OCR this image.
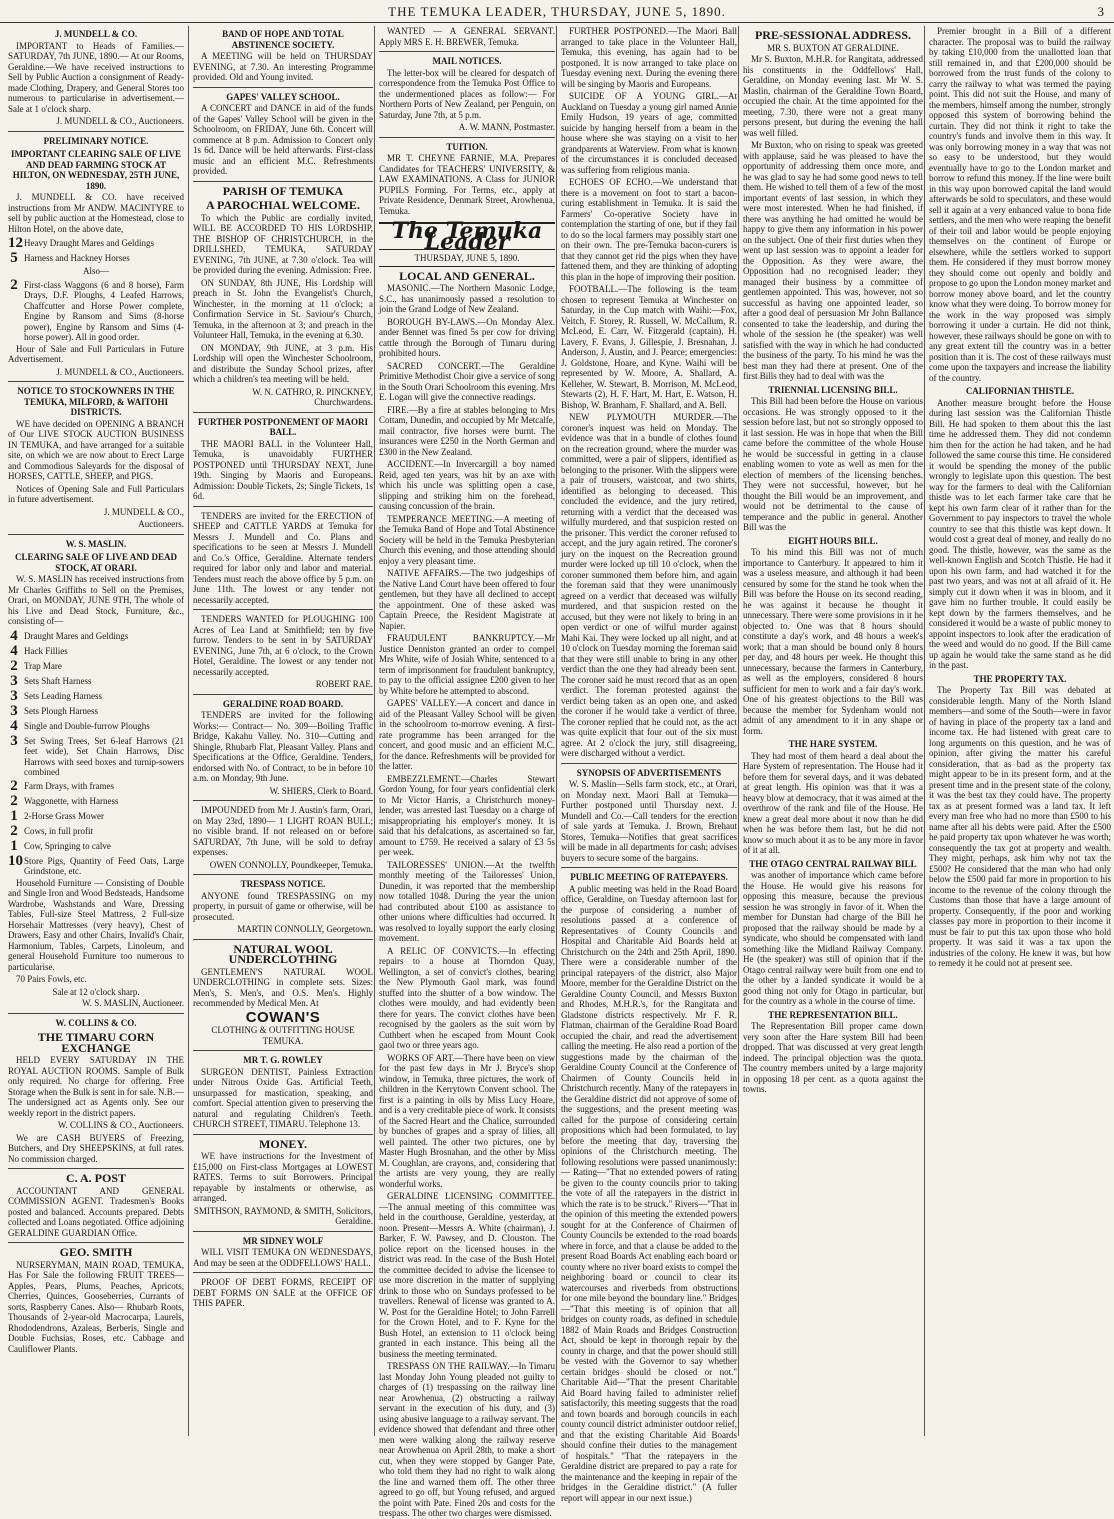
THE TEMUKA LEADER, THURSDAY, JUNE 5, 1890.	3
J. MUNDELL & CO.

IMPORTANT to Heads of Families.— SATURDAY, 7th JUNE, 1890.— At our Rooms, Geraldine.—We have received instructions to Sell by Public Auction a consignment of Ready-made Clothing, Drapery, and General Stores too numerous to particularise in advertisement.—Sale at 1 o'clock sharp.

J. MUNDELL & CO., Auctioneers.
PRELIMINARY NOTICE.
IMPORTANT CLEARING SALE OF LIVE AND DEAD FARMING STOCK AT HILTON, ON WEDNESDAY, 25TH JUNE, 1890.

J. MUNDELL & CO. have received instructions from Mr ANDW. MACINTYRE to sell by public auction at the Homestead, close to Hilton Hotel, on the above date,

12 Heavy Draught Mares and Geldings
5 Harness and Hackney Horses
Also—
2 First-class Waggons (6 and 8 horse), Farm Drays, D.F. Ploughs, 4 Leafed Harrows, Chaffcutter and Horse Power complete, Engine by Ransom and Sims (8-horse power), Engine by Ransom and Sims (4-horse power). All in good order.

Hour of Sale and Full Particulars in Future Advertisement.

J. MUNDELL & CO., Auctioneers.
NOTICE TO STOCKOWNERS IN THE TEMUKA, MILFORD, & WAITOHI DISTRICTS.

WE have decided on OPENING A BRANCH of Our LIVE STOCK AUCTION BUSINESS IN TEMUKA, and have arranged for a suitable site, on which we are now about to Erect Large and Commodious Saleyards for the disposal of HORSES, CATTLE, SHEEP, and PIGS.

Notices of Opening Sale and Full Particulars in future advertisement.

J. MUNDELL & CO.,
Auctioneers.
W. S. MASLIN.
CLEARING SALE OF LIVE AND DEAD STOCK, AT ORARI.

W. S. MASLIN has received instructions from Mr Charles Griffiths to Sell on the Premises, Orari, on MONDAY, JUNE 9TH, The whole of his Live and Dead Stock, Furniture, &c., consisting of—

4 Draught Mares and Geldings
4 Hack Fillies
2 Trap Mare
3 Sets Shaft Harness
3 Sets Leading Harness
3 Sets Plough Harness
4 Single and Double-furrow Ploughs
3 Set Swing Trees, Set 6-leaf Harrows (21 feet wide), Set Chain Harrows, Disc Harrows with seed boxes and turnip-sowers combined
2 Farm Drays, with frames
2 Waggonette, with Harness
1 2-Horse Grass Mower
2 Cows, in full profit
1 Cow, Springing to calve
10 Store Pigs, Quantity of Feed Oats, Large Grindstone, etc.

Household Furniture — Consisting of Double and Single Iron and Wood Bedsteads, Handsome Wardrobe, Washstands and Ware, Dressing Tables, Full-size Steel Mattress, 2 Full-size Horsehair Mattresses (very heavy), Chest of Drawers, Easy and other Chairs, Invalid's Chair, Harmonium, Tables, Carpets, Linoleum, and general Household Furniture too numerous to particularise.

70 Pairs Fowls, etc.

Sale at 12 o'clock sharp.
W. S. MASLIN, Auctioneer.
W. COLLINS & CO.
THE TIMARU CORN EXCHANGE

HELD EVERY SATURDAY IN THE ROYAL AUCTION ROOMS. Sample of Bulk only required. No charge for offering. Free Storage when the Bulk is sent in for sale. N.B.—The undersigned act as Agents only. See our weekly report in the district papers.

W. COLLINS & CO., Auctioneers.

We are CASH BUYERS of Freezing, Butchers, and Dry SHEEPSKINS, at full rates. No commission charged.

C. A. POST

ACCOUNTANT AND GENERAL COMMISSION AGENT. Tradesmen's Books posted and balanced. Accounts prepared. Debts collected and Loans negotiated. Office adjoining GERALDINE GUARDIAN Office.

GEO. SMITH

NURSERYMAN, MAIN ROAD, TEMUKA, Has For Sale the following FRUIT TREES— Apples, Pears, Plums, Peaches, Apricots, Cherries, Quinces, Gooseberries, Currants of sorts, Raspberry Canes. Also— Rhubarb Roots, Thousands of 2-year-old Macrocarpa, Laurels, Rhododendrons, Azaleas, Berberis, Single and Double Fuchsias, Roses, etc. Cabbage and Cauliflower Plants.

BAND OF HOPE AND TOTAL ABSTINENCE SOCIETY.

A MEETING will be held on THURSDAY EVENING, at 7.30. An interesting Programme provided. Old and Young invited.

GAPES' VALLEY SCHOOL.

A CONCERT and DANCE in aid of the funds of the Gapes' Valley School will be given in the Schoolroom, on FRIDAY, June 6th. Concert will commence at 8 p.m. Admission to Concert only 1s 6d. Dance will be held afterwards. First-class music and an efficient M.C. Refreshments provided.

PARISH OF TEMUKA
A PAROCHIAL WELCOME.

To which the Public are cordially invited, WILL BE ACCORDED TO HIS LORDSHIP, THE BISHOP OF CHRISTCHURCH, in the DRILLSHED, TEMUKA, SATURDAY EVENING, 7th JUNE, at 7.30 o'clock. Tea will be provided during the evening. Admission: Free.

ON SUNDAY, 8th JUNE, His Lordship will preach in St. John the Evangelist's Church, Winchester, in the morning at 11 o'clock; a Confirmation Service in St. Saviour's Church, Temuka, in the afternoon at 3; and preach in the Volunteer Hall, Temuka, in the evening at 6.30.

ON MONDAY, 9th JUNE, at 3 p.m. His Lordship will open the Winchester Schoolroom, and distribute the Sunday School prizes, after which a children's tea meeting will be held.

W. N. CATHRO, R. PINCKNEY, Churchwardens.
FURTHER POSTPONEMENT OF MAORI BALL.

THE MAORI BALL in the Volunteer Hall, Temuka, is unavoidably FURTHER POSTPONED until THURSDAY NEXT, June 19th. Singing by Maoris and Europeans. Admission: Double Tickets, 2s; Single Tickets, 1s 6d.

TENDERS are invited for the ERECTION of SHEEP and CATTLE YARDS at Temuka for Messrs J. Mundell and Co. Plans and specifications to be seen at Messrs J. Mundell and Co.'s Office, Geraldine. Alternate tenders required for labor only and labor and material. Tenders must reach the above office by 5 p.m. on June 11th. The lowest or any tender not necessarily accepted.

TENDERS WANTED for PLOUGHING 100 Acres of Lea Land at Smithfield; ten by five furrow. Tenders to be sent in by SATURDAY EVENING, June 7th, at 6 o'clock, to the Crown Hotel, Geraldine. The lowest or any tender not necessarily accepted.

ROBERT RAE.
GERALDINE ROAD BOARD.

TENDERS are invited for the following Works:— Contract— No. 309—Boiling Traffic Bridge, Kakahu Valley. No. 310—Cutting and Shingle, Rhubarb Flat, Pleasant Valley. Plans and Specifications at the Office, Geraldine. Tenders, endorsed with No. of Contract, to be in before 10 a.m. on Monday, 9th June.

W. SHIERS, Clerk to Board.

IMPOUNDED from Mr J. Austin's farm, Orari, on May 23rd, 1890— 1 LIGHT ROAN BULL; no visible brand. If not released on or before SATURDAY, 7th June, will be sold to defray expenses.

OWEN CONNOLLY, Poundkeeper, Temuka.
TRESPASS NOTICE.

ANYONE found TRESPASSING on my property, in pursuit of game or otherwise, will be prosecuted.

MARTIN CONNOLLY, Georgetown.
NATURAL WOOL UNDERCLOTHING

GENTLEMEN'S NATURAL WOOL UNDERCLOTHING in complete sets. Sizes: Men's, S. Men's, and O.S. Men's. Highly recommended by Medical Men. At

COWAN'S
CLOTHING & OUTFITTING HOUSE TEMUKA.
MR T. G. ROWLEY

SURGEON DENTIST, Painless Extraction under Nitrous Oxide Gas. Artificial Teeth, unsurpassed for mastication, speaking, and comfort. Special attention given to preserving the natural and regulating Children's Teeth. CHURCH STREET, TIMARU. Telephone 13.

MONEY.

WE have instructions for the Investment of £15,000 on First-class Mortgages at LOWEST RATES. Terms to suit Borrowers. Principal repayable by instalments or otherwise, as arranged.

SMITHSON, RAYMOND, & SMITH, Solicitors, Geraldine.
MR SIDNEY WOLF

WILL VISIT TEMUKA ON WEDNESDAYS, And may be seen at the ODDFELLOWS' HALL.

PROOF OF DEBT FORMS, RECEIPT OF DEBT FORMS ON SALE at the OFFICE OF THIS PAPER.

WANTED — A GENERAL SERVANT. Apply MRS E. H. BREWER, Temuka.

MAIL NOTICES.

The letter-box will be cleared for despatch of correspondence from the Temuka Post Office to the undermentioned places as follow:— For Northern Ports of New Zealand, per Penguin, on Saturday, June 7th, at 5 p.m.

A. W. MANN, Postmaster.
TUITION.

MR T. CHEYNE FARNIE, M.A. Prepares Candidates for TEACHERS' UNIVERSITY, & LAW EXAMINATIONS. A Class for JUNIOR PUPILS Forming. For Terms, etc., apply at Private Residence, Denmark Street, Arowhenua, Temuka.

The Temuka Leader
THURSDAY, JUNE 5, 1890.
LOCAL AND GENERAL.

MASONIC.—The Northern Masonic Lodge, S.C., has unanimously passed a resolution to join the Grand Lodge of New Zealand.

BOROUGH BY-LAWS.—On Monday Alex. ander Bennet was fined 5s per cow for driving cattle through the Borough of Timaru during prohibited hours.

SACRED CONCERT.—The Geraldine Primitive Methodist Choir give a service of song in the South Orari Schoolroom this evening. Mrs E. Logan will give the connective readings.

FIRE.—By a fire at stables belonging to Mrs Cottam, Dunedin, and occupied by Mr Metcalfe, mail contractor, five horses were burnt. The insurances were £250 in the North German and £300 in the New Zealand.

ACCIDENT.—In Invercargill a boy named Reid, aged ten years, was hit by an axe with which his uncle was splitting open a case, slipping and striking him on the forehead, causing concussion of the brain.

TEMPERANCE MEETING.—A meeting of the Temuka Band of Hope and Total Abstinence Society will be held in the Temuka Presbyterian Church this evening, and those attending should enjoy a very pleasant time.

NATIVE AFFAIRS.—The two judgeships of the Native Land Court have been offered to four gentlemen, but they have all declined to accept the appointment. One of these asked was Captain Preece, the Resident Magistrate at Napier.

FRAUDULENT BANKRUPTCY.—Mr Justice Denniston granted an order to compel Mrs White, wife of Josiah White, sentenced to a term of imprisonment for fraudulent bankruptcy, to pay to the official assignee £200 given to her by White before he attempted to abscond.

GAPES' VALLEY.—A concert and dance in aid of the Pleasant Valley School will be given in the schoolroom to-morrow evening. A first-rate programme has been arranged for the concert, and good music and an efficient M.C. for the dance. Refreshments will be provided for the latter.

EMBEZZLEMENT.—Charles Stewart Gordon Young, for four years confidential clerk to Mr Victor Harris, a Christchurch money-lender, was arrested last Tuesday on a charge of misappropriating his employer's money. It is said that his defalcations, as ascertained so far, amount to £759. He received a salary of £3 5s per week.

TAILORESSES' UNION.—At the twelfth monthly meeting of the Tailoresses' Union, Dunedin, it was reported that the membership now totalled 1048. During the year the union had contributed about £100 as assistance to other unions where difficulties had occurred. It was resolved to loyally support the early closing movement.

A RELIC OF CONVICTS.—In effecting repairs to a house at Thorndon Quay, Wellington, a set of convict's clothes, bearing the New Plymouth Gaol mark, was found stuffed into the shutter of a bow window. The clothes were mouldy, and had evidently been there for years. The convict clothes have been recognised by the gaolers as the suit worn by Cuthbert when he escaped from Mount Cook gaol two or three years ago.

WORKS OF ART.—There have been on view for the past few days in Mr J. Bryce's shop window, in Temuka, three pictures, the work of children in the Kerrytown Convent school. The first is a painting in oils by Miss Lucy Hoare, and is a very creditable piece of work. It consists of the Sacred Heart and the Chalice, surrounded by bunches of grapes and a spray of lilies, all well painted. The other two pictures, one by Master Hugh Brosnahan, and the other by Miss M. Coughlan, are crayons, and, considering that the artists are very young, they are really wonderful works.

GERALDINE LICENSING COMMITTEE.—The annual meeting of this committee was held in the courthouse, Geraldine, yesterday, at noon. Present—Messrs A. White (chairman), J. Barker, F. W. Pawsey, and D. Clouston. The police report on the licensed houses in the district was read. In the case of the Bush Hotel the committee decided to advise the licensee to use more discretion in the matter of supplying drink to those who on Sundays professed to be travellers. Renewal of license was granted to A. W. Post for the Geraldine Hotel; to John Farrell for the Crown Hotel, and to F. Kyne for the Bush Hotel, an extension to 11 o'clock being granted in each instance. This being all the business the meeting terminated.

TRESPASS ON THE RAILWAY.—In Timaru last Monday John Young pleaded not guilty to charges of (1) trespassing on the railway line near Arowhenua, (2) obstructing a railway servant in the execution of his duty, and (3) using abusive language to a railway servant. The evidence showed that defendant and three other men were walking along the railway reserve near Arowhenua on April 28th, to make a short cut, when they were stopped by Ganger Pate, who told them they had no right to walk along the line and warned them off. The other three agreed to go off, but Young refused, and argued the point with Pate. Fined 20s and costs for the trespass. The other two charges were dismissed.

FURTHER POSTPONED.—The Maori Ball arranged to take place in the Volunteer Hall, Temuka, this evening, has again had to be postponed. It is now arranged to take place on Tuesday evening next. During the evening there will be singing by Maoris and Europeans.

SUICIDE OF A YOUNG GIRL.—At Auckland on Tuesday a young girl named Annie Emily Hudson, 19 years of age, committed suicide by hanging herself from a beam in the house where she was staying on a visit to her grandparents at Waterview. From what is known of the circumstances it is concluded deceased was suffering from religious mania.

ECHOES OF ECHO.—We understand that there is a movement on foot to start a bacon-curing establishment in Temuka. It is said the Farmers' Co-operative Society have in contemplation the starting of one, but if they fail to do so the local farmers may possibly start one on their own. The pre-Temuka bacon-curers is that they cannot get rid the pigs when they have fattened them, and they are thinking of adopting this plan in the hope of improving their position.

FOOTBALL.—The following is the team chosen to represent Temuka at Winchester on Saturday, in the Cup match with Waihi:—Fox, Veitch, F. Storey, R. Russell, W. McCallum, R. McLeod, E. Carr, W. Fitzgerald (captain), H. Lavery, F. Evans, J. Gillespie, J. Bresnahan, J. Anderson, J. Austin, and J. Pearce; emergencies: J. Goldstone, Hoare, and Kyne. Waihi will be represented by W. Moore, A. Shallard, A. Kelleher, W. Stewart, B. Morrison, M. McLeod, Stewarts (2), H. F. Hart, M. Hart, E. Watson, H. Bishop, W. Branham, F. Shallard, and A. Bell.

NEW PLYMOUTH MURDER.—The coroner's inquest was held on Monday. The evidence was that in a bundle of clothes found on the recreation ground, where the murder was committed, were a pair of slippers, identified as belonging to the prisoner. With the slippers were a pair of trousers, waistcoat, and two shirts, identified as belonging to deceased. This concluded the evidence, and the jury retired, returning with a verdict that the deceased was wilfully murdered, and that suspicion rested on the prisoner. This verdict the coroner refused to accept, and the jury again retired. The coroner's jury on the inquest on the Recreation ground murder were locked up till 10 o'clock, when the coroner summoned them before him, and again the foreman said that they were unanimously agreed on a verdict that deceased was wilfully murdered, and that suspicion rested on the accused, but they were not likely to bring in an open verdict or one of wilful murder against Mahi Kai. They were locked up all night, and at 10 o'clock on Tuesday morning the foreman said that they were still unable to bring in any other verdict than the one they had already been sent. The coroner said he must record that as an open verdict. The foreman protested against the verdict being taken as an open one, and asked the coroner if he would take a verdict of three. The coroner replied that he could not, as the act was quite explicit that four out of the six must agree. At 2 o'clock the jury, still disagreeing, were discharged without a verdict.

SYNOPSIS OF ADVERTISEMENTS

W. S. Maslin—Sells farm stock, etc., at Orari, on Monday next. Maori Ball at Temuka—Further postponed until Thursday next. J. Mundell and Co.—Call tenders for the erection of sale yards at Temuka. J. Brown, Brehaut Stores, Temuka—Notifies that great sacrifices will be made in all departments for cash; advises buyers to secure some of the bargains.

PUBLIC MEETING OF RATEPAYERS.

A public meeting was held in the Road Board office, Geraldine, on Tuesday afternoon last for the purpose of considering a number of resolutions passed at a conference of Representatives of County Councils and Hospital and Charitable Aid Boards held at Christchurch on the 24th and 25th April, 1890. There were a considerable number of the principal ratepayers of the district, also Major Moore, member for the Geraldine District on the Geraldine County Council, and Messrs Buxton and Rhodes, M.H.R.'s, for the Rangitata and Gladstone districts respectively. Mr F. R. Flatman, chairman of the Geraldine Road Board occupied the chair, and read the advertisement calling the meeting. He also read a portion of the suggestions made by the chairman of the Geraldine County Council at the Conference of Chairmen of County Councils held in Christchurch recently. Many of the ratepayers in the Geraldine district did not approve of some of the suggestions, and the present meeting was called for the purpose of considering certain propositions which had been formulated, to lay before the meeting that day, traversing the opinions of the Christchurch meeting. The following resolutions were passed unanimously:— Rating—"That no extended powers of rating be given to the county councils prior to taking the vote of all the ratepayers in the district in which the rate is to be struck." Rivers—"That in the opinion of this meeting the extended powers sought for at the Conference of Chairmen of County Councils be extended to the road boards where in force, and that a clause be added to the present Road Boards Act enabling each board or county where no river board exists to compel the neighboring board or council to clear its watercourses and riverbeds from obstructions for one mile beyond the boundary line." Bridges—"That this meeting is of opinion that all bridges on county roads, as defined in schedule 1882 of Main Roads and Bridges Construction Act, should be kept in thorough repair by the county in charge, and that the power should still be vested with the Governor to say whether certain bridges should be closed or not." Charitable Aid—"That the present Charitable Aid Board having failed to administer relief satisfactorily, this meeting suggests that the road and town boards and borough councils in each county council district administer outdoor relief, and that the existing Charitable Aid Boards should confine their duties to the management of hospitals." "That the ratepayers in the Geraldine district are prepared to pay a rate for the maintenance and the keeping in repair of the bridges in the Geraldine district." (A fuller report will appear in our next issue.)

PRE-SESSIONAL ADDRESS.
MR S. BUXTON AT GERALDINE.

Mr S. Buxton, M.H.R. for Rangitata, addressed his constituents in the Oddfellows' Hall, Geraldine, on Monday evening last. Mr W. S. Maslin, chairman of the Geraldine Town Board, occupied the chair. At the time appointed for the meeting, 7.30, there were not a great many persons present, but during the evening the hall was well filled.

Mr Buxton, who on rising to speak was greeted with applause, said he was pleased to have the opportunity of addressing them once more, and he was glad to say he had some good news to tell them. He wished to tell them of a few of the most important events of last session, in which they were most interested. When he had finished, if there was anything he had omitted he would be happy to give them any information in his power on the subject. One of their first duties when they went up last session was to appoint a leader for the Opposition. As they were aware, the Opposition had no recognised leader; they managed their business by a committee of gentlemen appointed. This was, however, not so successful as having one appointed leader, so after a good deal of persuasion Mr John Ballance consented to take the leadership, and during the whole of the session he (the speaker) was well satisfied with the way in which he had conducted the business of the party. To his mind he was the best man they had there at present. One of the first Bills they had to deal with was the

TRIENNIAL LICENSING BILL.

This Bill had been before the House on various occasions. He was strongly opposed to it the session before last, but not so strongly opposed to it last session. He was in hope that when the Bill came before the committee of the whole House he would be successful in getting in a clause enabling women to vote as well as men for the election of members of the licensing benches. They were not successful, however, but he thought the Bill would be an improvement, and would not be detrimental to the cause of temperance and the public in general. Another Bill was the

EIGHT HOURS BILL.

To his mind this Bill was not of much importance to Canterbury. It appeared to him it was a useless measure, and although it had been censured by some for the stand he took when the Bill was before the House on its second reading, he was against it because he thought it unnecessary. There were some provisions in it he objected to. One was that 8 hours should constitute a day's work, and 48 hours a week's work; that a man should be bound only 8 hours per day, and 48 hours per week. He thought this unnecessary, because the farmers in Canterbury, as well as the employers, considered 8 hours sufficient for men to work and a fair day's work. One of his greatest objections to the Bill was because the member for Sydenham would not admit of any amendment to it in any shape or form.

THE HARE SYSTEM.

They had most of them heard a deal about the Hare System of representation. The House had it before them for several days, and it was debated at great length. His opinion was that it was a heavy blow at democracy, that it was aimed at the overthrow of the rank and file of the House. He knew a great deal more about it now than he did when he was before them last, but he did not know so much about it as to be any more in favor of it at all.

THE OTAGO CENTRAL RAILWAY BILL

was another of importance which came before the House. He would give his reasons for opposing this measure, because the previous session he was strongly in favor of it. When the member for Dunstan had charge of the Bill he proposed that the railway should be made by a syndicate, who should be compensated with land something like the Midland Railway Company. He (the speaker) was still of opinion that if the Otago central railway were built from one end to the other by a landed syndicate it would be a good thing not only for Otago in particular, but for the country as a whole in the course of time.

THE REPRESENTATION BILL.

The Representation Bill proper came down very soon after the Hare system Bill had been dropped. That was discussed at very great length indeed. The principal objection was the quota. The country members united by a large majority in opposing 18 per cent. as a quota against the towns.

Premier brought in a Bill of a different character. The proposal was to build the railway by taking £10,000 from the unallotted loan that still remained in, and that £200,000 should be borrowed from the trust funds of the colony to carry the railway to what was termed the paying point. This did not suit the House, and many of the members, himself among the number, strongly opposed this system of borrowing behind the curtain. They did not think it right to take the country's funds and involve them in this way. It was only borrowing money in a way that was not so easy to be understood, but they would eventually have to go to the London market and borrow to refund this money. If the line were built in this way upon borrowed capital the land would afterwards be sold to speculators, and these would sell it again at a very enhanced value to bona fide settlers, and the men who were reaping the benefit of their toil and labor would be people enjoying themselves on the continent of Europe or elsewhere, while the settlers worked to support them. He considered if they must borrow money they should come out openly and boldly and propose to go upon the London money market and borrow money above board, and let the country know what they were doing. To borrow money for the work in the way proposed was simply borrowing it under a curtain. He did not think, however, these railways should be gone on with to any great extent till the country was in a better position than it is. The cost of these railways must come upon the taxpayers and increase the liability of the country.

CALIFORNIAN THISTLE.

Another measure brought before the House during last session was the Californian Thistle Bill. He had spoken to them about this the last time he addressed them. They did not condemn him then for the action he had taken, and he had followed the same course this time. He considered it would be spending the money of the public wrongly to legislate upon this question. The best way for the farmers to deal with the Californian thistle was to let each farmer take care that he kept his own farm clear of it rather than for the Government to pay inspectors to travel the whole country to see that this thistle was kept down. It would cost a great deal of money, and really do no good. The thistle, however, was the same as the well-known English and Scotch Thistle. He had it upon his own farm, and had watched it for the past two years, and was not at all afraid of it. He simply cut it down when it was in bloom, and it gave him no further trouble. It could easily be kept down by the farmers themselves, and he considered it would be a waste of public money to appoint inspectors to look after the eradication of the weed and would do no good. If the Bill came up again he would take the same stand as he did in the past.

THE PROPERTY TAX.

The Property Tax Bill was debated at considerable length. Many of the North Island members—and some of the South—were in favor of having in place of the property tax a land and income tax. He had listened with great care to long arguments on this question, and he was of opinion, after giving the matter his careful consideration, that as bad as the property tax might appear to be in its present form, and at the present time and in the present state of the colony, it was the best tax they could have. The property tax as at present formed was a land tax. It left every man free who had no more than £500 to his name after all his debts were paid. After the £500 he paid property tax upon whatever he was worth; consequently the tax got at property and wealth. They might, perhaps, ask him why not tax the £500? He considered that the man who had only below the £500 paid far more in proportion to his income to the revenue of the colony through the Customs than those that have a large amount of property. Consequently, if the poor and working classes pay more in proportion to their income it must be fair to put this tax upon those who hold property. It was said it was a tax upon the industries of the colony. He knew it was, but how to remedy it he could not at present see.
